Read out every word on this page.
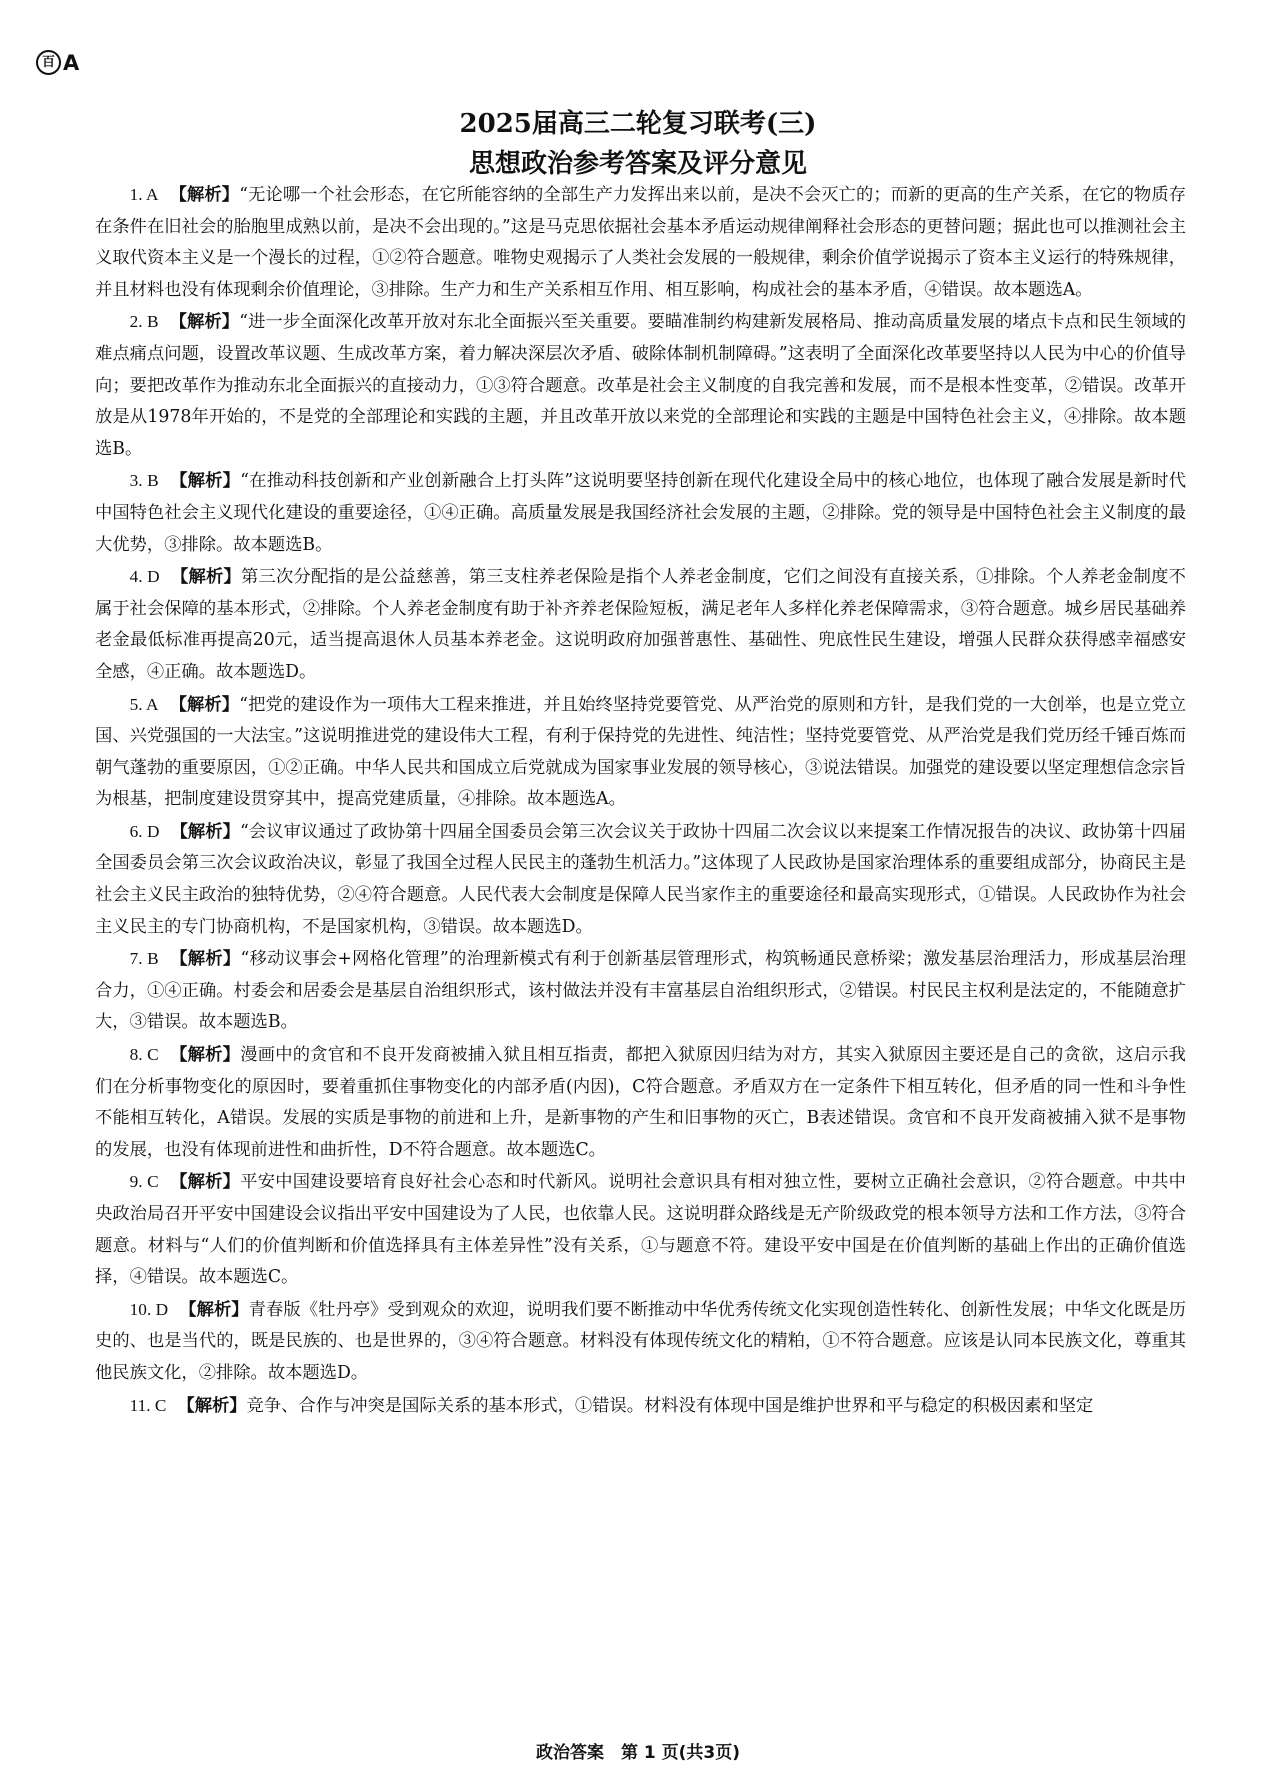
百 A
2025届高三二轮复习联考(三)
思想政治参考答案及评分意见

1. A 【解析】“无论哪一个社会形态，在它所能容纳的全部生产力发挥出来以前，是决不会灭亡的；而新的更高的生产关系，在它的物质存在条件在旧社会的胎胞里成熟以前，是决不会出现的。”这是马克思依据社会基本矛盾运动规律阐释社会形态的更替问题；据此也可以推测社会主义取代资本主义是一个漫长的过程，①②符合题意。唯物史观揭示了人类社会发展的一般规律，剩余价值学说揭示了资本主义运行的特殊规律，并且材料也没有体现剩余价值理论，③排除。生产力和生产关系相互作用、相互影响，构成社会的基本矛盾，④错误。故本题选A。

2. B 【解析】“进一步全面深化改革开放对东北全面振兴至关重要。要瞄准制约构建新发展格局、推动高质量发展的堵点卡点和民生领域的难点痛点问题，设置改革议题、生成改革方案，着力解决深层次矛盾、破除体制机制障碍。”这表明了全面深化改革要坚持以人民为中心的价值导向；要把改革作为推动东北全面振兴的直接动力，①③符合题意。改革是社会主义制度的自我完善和发展，而不是根本性变革，②错误。改革开放是从1978年开始的，不是党的全部理论和实践的主题，并且改革开放以来党的全部理论和实践的主题是中国特色社会主义，④排除。故本题选B。

3. B 【解析】“在推动科技创新和产业创新融合上打头阵”这说明要坚持创新在现代化建设全局中的核心地位，也体现了融合发展是新时代中国特色社会主义现代化建设的重要途径，①④正确。高质量发展是我国经济社会发展的主题，②排除。党的领导是中国特色社会主义制度的最大优势，③排除。故本题选B。

4. D 【解析】第三次分配指的是公益慈善，第三支柱养老保险是指个人养老金制度，它们之间没有直接关系，①排除。个人养老金制度不属于社会保障的基本形式，②排除。个人养老金制度有助于补齐养老保险短板，满足老年人多样化养老保障需求，③符合题意。城乡居民基础养老金最低标准再提高20元，适当提高退休人员基本养老金。这说明政府加强普惠性、基础性、兜底性民生建设，增强人民群众获得感幸福感安全感，④正确。故本题选D。

5. A 【解析】“把党的建设作为一项伟大工程来推进，并且始终坚持党要管党、从严治党的原则和方针，是我们党的一大创举，也是立党立国、兴党强国的一大法宝。”这说明推进党的建设伟大工程，有利于保持党的先进性、纯洁性；坚持党要管党、从严治党是我们党历经千锤百炼而朝气蓬勃的重要原因，①②正确。中华人民共和国成立后党就成为国家事业发展的领导核心，③说法错误。加强党的建设要以坚定理想信念宗旨为根基，把制度建设贯穿其中，提高党建质量，④排除。故本题选A。

6. D 【解析】“会议审议通过了政协第十四届全国委员会第三次会议关于政协十四届二次会议以来提案工作情况报告的决议、政协第十四届全国委员会第三次会议政治决议，彰显了我国全过程人民民主的蓬勃生机活力。”这体现了人民政协是国家治理体系的重要组成部分，协商民主是社会主义民主政治的独特优势，②④符合题意。人民代表大会制度是保障人民当家作主的重要途径和最高实现形式，①错误。人民政协作为社会主义民主的专门协商机构，不是国家机构，③错误。故本题选D。

7. B 【解析】“移动议事会+网格化管理”的治理新模式有利于创新基层管理形式，构筑畅通民意桥梁；激发基层治理活力，形成基层治理合力，①④正确。村委会和居委会是基层自治组织形式，该村做法并没有丰富基层自治组织形式，②错误。村民民主权利是法定的，不能随意扩大，③错误。故本题选B。

8. C 【解析】漫画中的贪官和不良开发商被捕入狱且相互指责，都把入狱原因归结为对方，其实入狱原因主要还是自己的贪欲，这启示我们在分析事物变化的原因时，要着重抓住事物变化的内部矛盾(内因)，C符合题意。矛盾双方在一定条件下相互转化，但矛盾的同一性和斗争性不能相互转化，A错误。发展的实质是事物的前进和上升，是新事物的产生和旧事物的灭亡，B表述错误。贪官和不良开发商被捕入狱不是事物的发展，也没有体现前进性和曲折性，D不符合题意。故本题选C。

9. C 【解析】平安中国建设要培育良好社会心态和时代新风。说明社会意识具有相对独立性，要树立正确社会意识，②符合题意。中共中央政治局召开平安中国建设会议指出平安中国建设为了人民，也依靠人民。这说明群众路线是无产阶级政党的根本领导方法和工作方法，③符合题意。材料与“人们的价值判断和价值选择具有主体差异性”没有关系，①与题意不符。建设平安中国是在价值判断的基础上作出的正确价值选择，④错误。故本题选C。

10. D 【解析】青春版《牡丹亭》受到观众的欢迎，说明我们要不断推动中华优秀传统文化实现创造性转化、创新性发展；中华文化既是历史的、也是当代的，既是民族的、也是世界的，③④符合题意。材料没有体现传统文化的精粕，①不符合题意。应该是认同本民族文化，尊重其他民族文化，②排除。故本题选D。

11. C 【解析】竞争、合作与冲突是国际关系的基本形式，①错误。材料没有体现中国是维护世界和平与稳定的积极因素和坚定

政治答案　第 1 页(共3页)
